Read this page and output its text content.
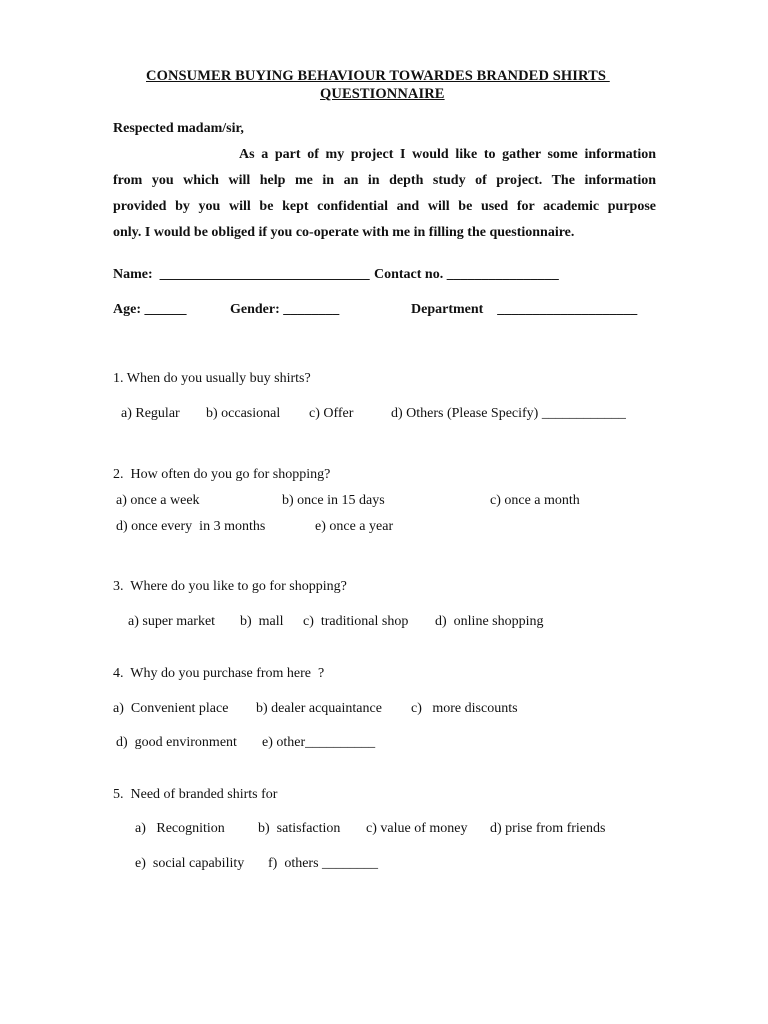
CONSUMER BUYING BEHAVIOUR TOWARDES BRANDED SHIRTS
QUESTIONNAIRE
Respected madam/sir,
As a part of my project I would like to gather some information
from you which will help me in an in depth study of project. The information
provided by you will be kept confidential and will be used for academic purpose
only. I would be obliged if you co-operate with me in filling the questionnaire.
Name:  ______________________________ Contact no. ________________
Age: ______	Gender: ________	Department    ____________________
1. When do you usually buy shirts?
a) Regular b) occasional c) Offer	d) Others (Please Specify) ____________
2.  How often do you go for shopping?
a) once a week	b) once in 15 days	c) once a month
d) once every  in 3 months	e) once a year
3.  Where do you like to go for shopping?
a) super market b)  mall c)  traditional shop d)  online shopping
4.  Why do you purchase from here  ?
a)  Convenient place b) dealer acquaintance c)   more discounts
d)  good environment e) other__________
5.  Need of branded shirts for
a)   Recognition b)  satisfaction c) value of money d) prise from friends
e)  social capability f)  others ________
